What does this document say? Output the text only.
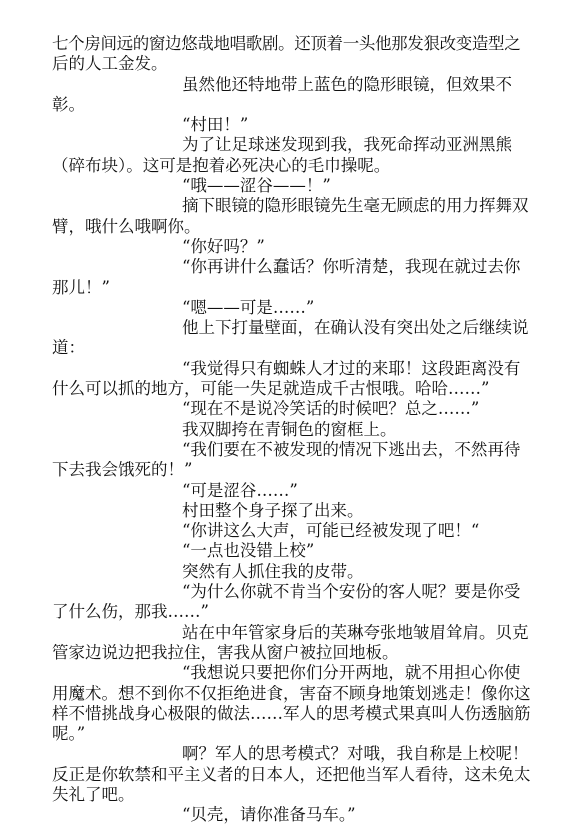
七个房间远的窗边悠哉地唱歌剧。还顶着一头他那发狠改变造型之
后的人工金发。
虽然他还特地带上蓝色的隐形眼镜，但效果不
彰。
“村田！”
为了让足球迷发现到我，我死命挥动亚洲黑熊
（碎布块）。这可是抱着必死决心的毛巾操呢。
“哦——涩谷——！”
摘下眼镜的隐形眼镜先生毫无顾虑的用力挥舞双
臂，哦什么哦啊你。
“你好吗？”
“你再讲什么蠢话？你听清楚，我现在就过去你
那儿！”
“嗯——可是……”
他上下打量壁面，在确认没有突出处之后继续说
道：
“我觉得只有蜘蛛人才过的来耶！这段距离没有
什么可以抓的地方，可能一失足就造成千古恨哦。哈哈……”
“现在不是说冷笑话的时候吧？总之……”
我双脚挎在青铜色的窗框上。
“我们要在不被发现的情况下逃出去，不然再待
下去我会饿死的！”
“可是涩谷……”
村田整个身子探了出来。
“你讲这么大声，可能已经被发现了吧！“
“一点也没错上校”
突然有人抓住我的皮带。
“为什么你就不肯当个安份的客人呢？要是你受
了什么伤，那我……”
站在中年管家身后的芙琳夸张地皱眉耸肩。贝克
管家边说边把我拉住，害我从窗户被拉回地板。
“我想说只要把你们分开两地，就不用担心你使
用魔术。想不到你不仅拒绝进食，害奋不顾身地策划逃走！像你这
样不惜挑战身心极限的做法……军人的思考模式果真叫人伤透脑筋
呢。”
啊？军人的思考模式？对哦，我自称是上校呢！
反正是你软禁和平主义者的日本人，还把他当军人看待，这未免太
失礼了吧。
“贝壳，请你准备马车。”
